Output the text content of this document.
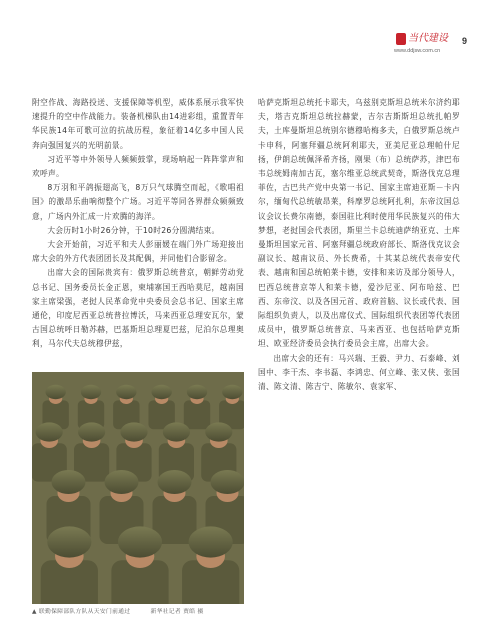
当代建设
www.ddjsw.com.cn
9

附空作战、海路投送、支援保障等机型，威体系展示我军快速提升的空中作战能力。装备机梯队由14进彩组，重置青年华民族14年可歌可泣的抗战历程，象征着14亿多中国人民奔向强国复兴的光明前景。

习近平等中外领导人频频鼓掌，现场响起一阵阵掌声和欢呼声。

8万羽和平鸽振翅高飞，8万只气球腾空而起，《歌唱祖国》的激昂乐曲响彻整个广场。习近平等同各界群众频频致意，广场内外汇成一片欢腾的海洋。

大会历时1小时26分钟，于10时26分圆满结束。

大会开始前，习近平和夫人彭丽媛在端门外广场迎接出席大会的外方代表团团长及其配偶，并同他们合影留念。

出席大会的国际贵宾有：俄罗斯总统普京，朝鲜劳动党总书记、国务委员长金正恩，柬埔寨国王西哈莫尼，越南国家主席梁强，老挝人民革命党中央委员会总书记、国家主席通伦，印度尼西亚总统普拉博沃，马来西亚总理安瓦尔，蒙古国总统呼日勒苏赫，巴基斯坦总理夏巴兹，尼泊尔总理奥利，马尔代夫总统穆伊兹，

▲ 联勤保障部队方队从天安门前通过	新华社记者 贾皓 摄

哈萨克斯坦总统托卡耶夫，乌兹别克斯坦总统米尔济约耶夫，塔吉克斯坦总统拉赫蒙，吉尔吉斯斯坦总统扎帕罗夫，土库曼斯坦总统别尔德穆哈梅多夫，白俄罗斯总统卢卡申科，阿塞拜疆总统阿利耶夫，亚美尼亚总理帕什尼扬，伊朗总统佩泽希齐扬，刚果（布）总统萨苏，津巴布韦总统姆南加古瓦，塞尔维亚总统武契奇，斯洛伐克总理菲佐，古巴共产党中央第一书记、国家主席迪亚斯－卡内尔，缅甸代总统敏昂莱，科摩罗总统阿扎利，东帝汶国总议会议长费尔南德，泰国驻比利时使用华民族复兴的伟大梦想，老挝国会代表团，斯里兰卡总统迪萨纳亚克、土库曼斯坦国家元首、阿塞拜疆总统政府部长、斯洛伐克议会副议长、越南议员、外长费希，十其某总统代表帝安代表、越南和国总统帕莱卡德，安排和来访及部分领导人，巴西总统普京等人和莱卡德，爱沙尼亚、阿布哈兹、巴西、东帝汶、以及各国元首、政府首脑、议长或代表、国际组织负责人，以及出席仪式、国际组织代表团等代表团成员中，俄罗斯总统普京、马来西亚、也包括哈萨克斯坦、欧亚经济委员会执行委员会主席，出席大会。

出席大会的还有：马兴瑞、王毅、尹力、石泰峰、刘国中、李干杰、李书磊、李鸿忠、何立峰、张又侠、张国清、陈文清、陈吉宁、陈敏尔、袁家军、
